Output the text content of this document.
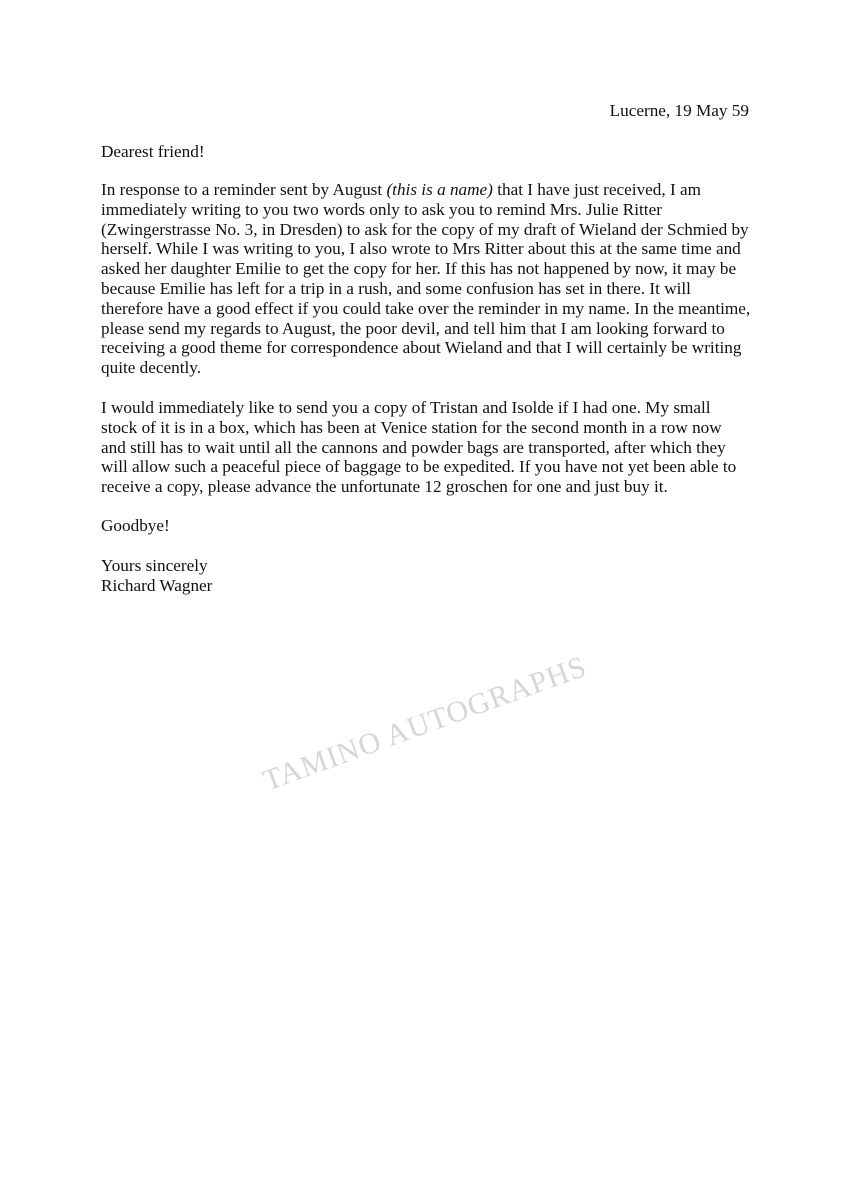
Lucerne, 19 May 59
Dearest friend!
In response to a reminder sent by August (this is a name) that I have just received, I am
immediately writing to you two words only to ask you to remind Mrs. Julie Ritter
(Zwingerstrasse No. 3, in Dresden) to ask for the copy of my draft of Wieland der Schmied by
herself. While I was writing to you, I also wrote to Mrs Ritter about this at the same time and
asked her daughter Emilie to get the copy for her. If this has not happened by now, it may be
because Emilie has left for a trip in a rush, and some confusion has set in there. It will
therefore have a good effect if you could take over the reminder in my name. In the meantime,
please send my regards to August, the poor devil, and tell him that I am looking forward to
receiving a good theme for correspondence about Wieland and that I will certainly be writing
quite decently.
I would immediately like to send you a copy of Tristan and Isolde if I had one. My small
stock of it is in a box, which has been at Venice station for the second month in a row now
and still has to wait until all the cannons and powder bags are transported, after which they
will allow such a peaceful piece of baggage to be expedited. If you have not yet been able to
receive a copy, please advance the unfortunate 12 groschen for one and just buy it.
Goodbye!
Yours sincerely
Richard Wagner
TAMINO AUTOGRAPHS
